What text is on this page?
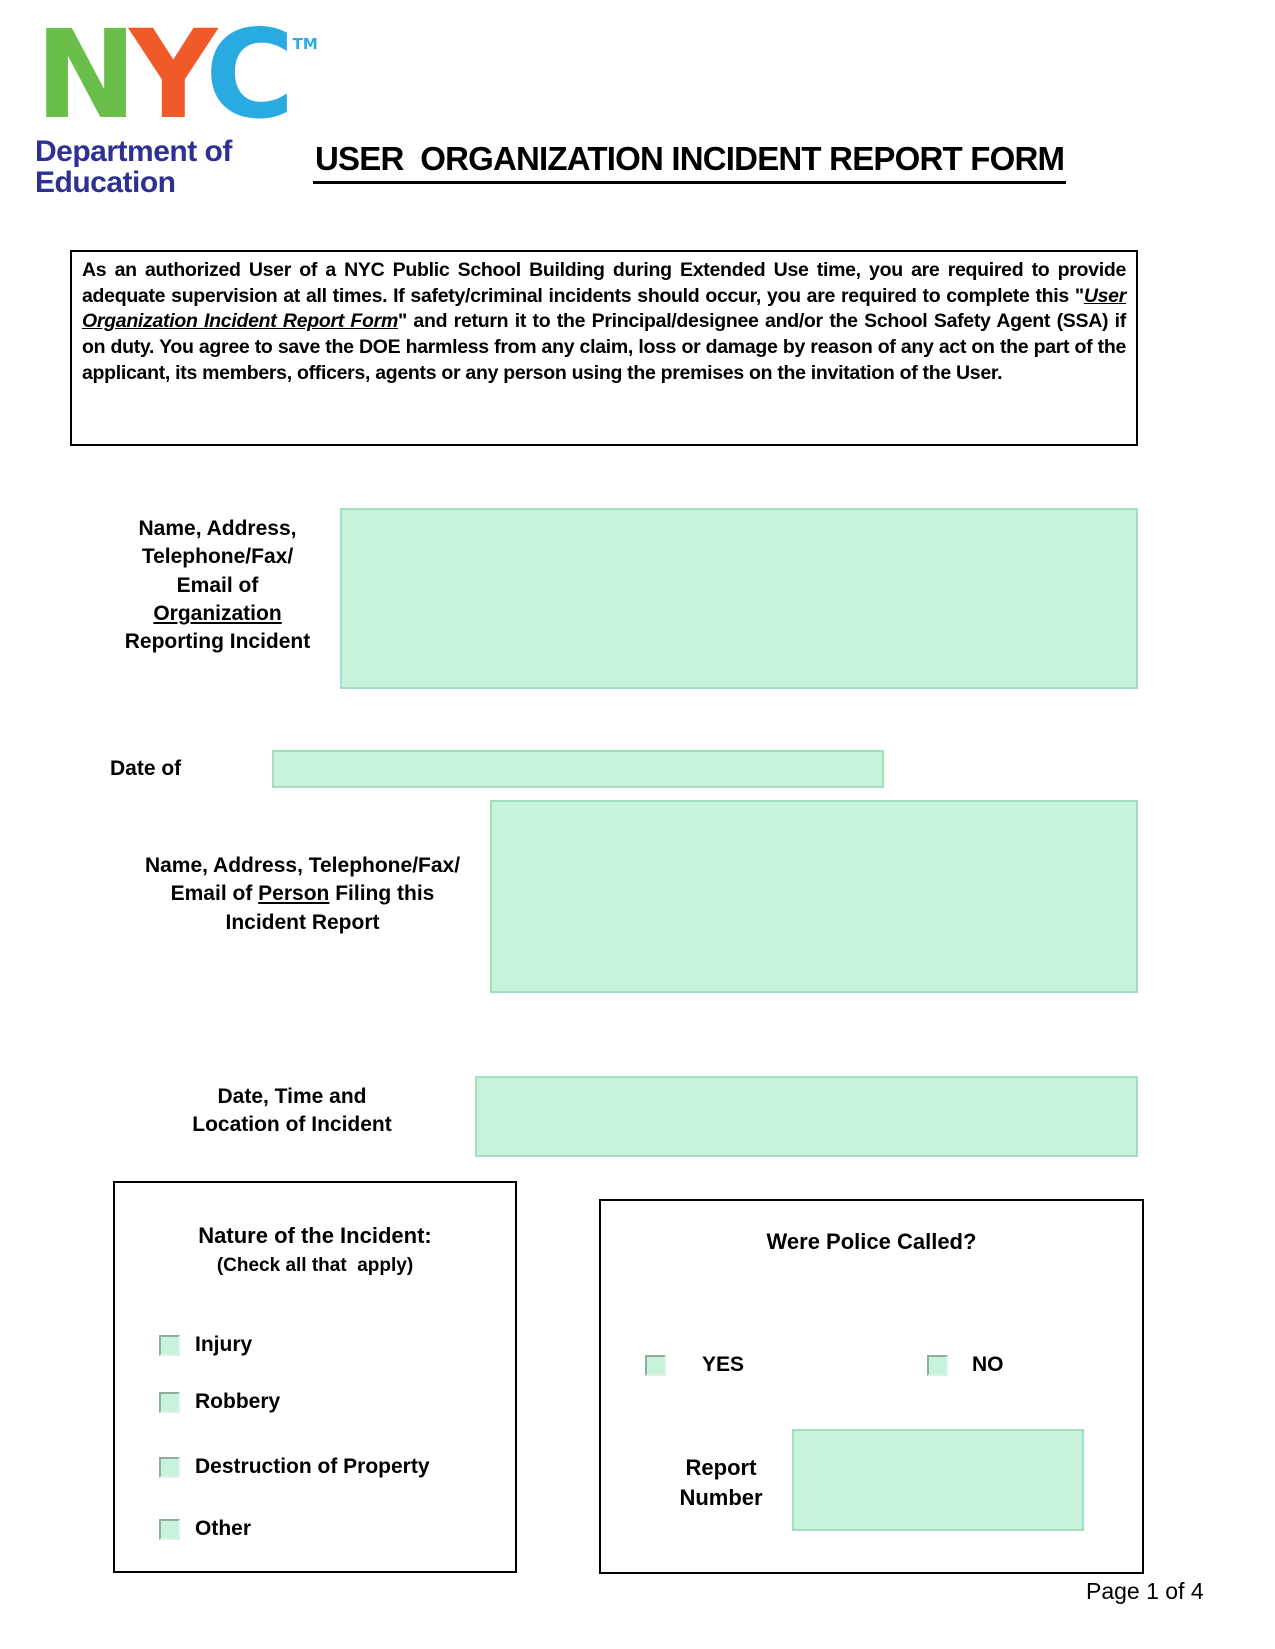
NYC ™
Department of
Education
USER  ORGANIZATION INCIDENT REPORT FORM
As an authorized User of a NYC Public School Building during Extended Use time, you are required to provide adequate supervision at all times. If safety/criminal incidents should occur, you are required to complete this "User Organization Incident Report Form" and return it to the Principal/designee and/or the School Safety Agent (SSA) if on duty. You agree to save the DOE harmless from any claim, loss or damage by reason of any act on the part of the applicant, its members, officers, agents or any person using the premises on the invitation of the User.
Name, Address,
Telephone/Fax/
Email of
Organization
Reporting Incident
Date of
Name, Address, Telephone/Fax/
Email of Person Filing this
Incident Report
Date, Time and
Location of Incident
Nature of the Incident:
(Check all that  apply)
Injury
Robbery
Destruction of Property
Other
Were Police Called?
YES	NO
Report
Number
Page 1 of 4
